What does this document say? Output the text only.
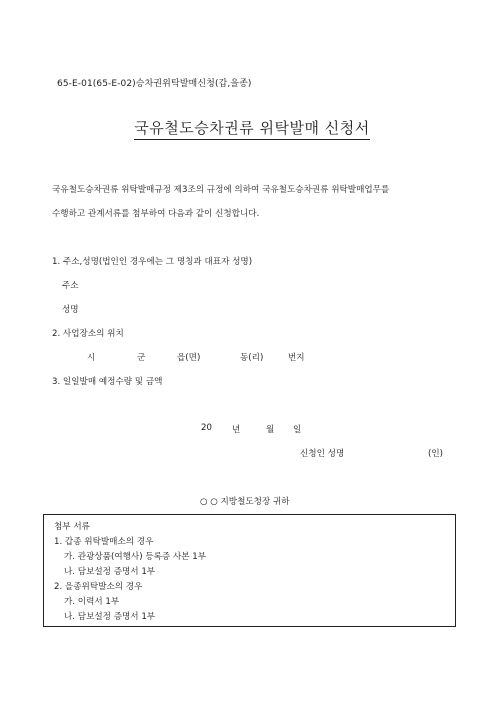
65-E-01(65-E-02)승차권위탁발매신청(갑,을종)
국유철도승차권류 위탁발매 신청서
국유철도승차권류 위탁발매규정 제3조의 규정에 의하여 국유철도승차권류 위탁발매업무를
수행하고 관계서류를 첨부하여 다음과 같이 신청합니다.
1. 주소,성명(법인인 경우에는 그 명칭과 대표자 성명)
주소
성명
2. 사업장소의 위치
시	군	읍(면)	동(리)	번지
3. 일일발매 예정수량 및 금액
20 년	월 일
신청인 성명	(인)
○ ○ 지방철도청장 귀하
첨부 서류
1. 갑종 위탁발매소의 경우
가. 관광상품(여행사) 등록증 사본 1부
나. 담보설정 증명서 1부
2. 을종위탁발소의 경우
가. 이력서 1부
나. 담보설정 증명서 1부
